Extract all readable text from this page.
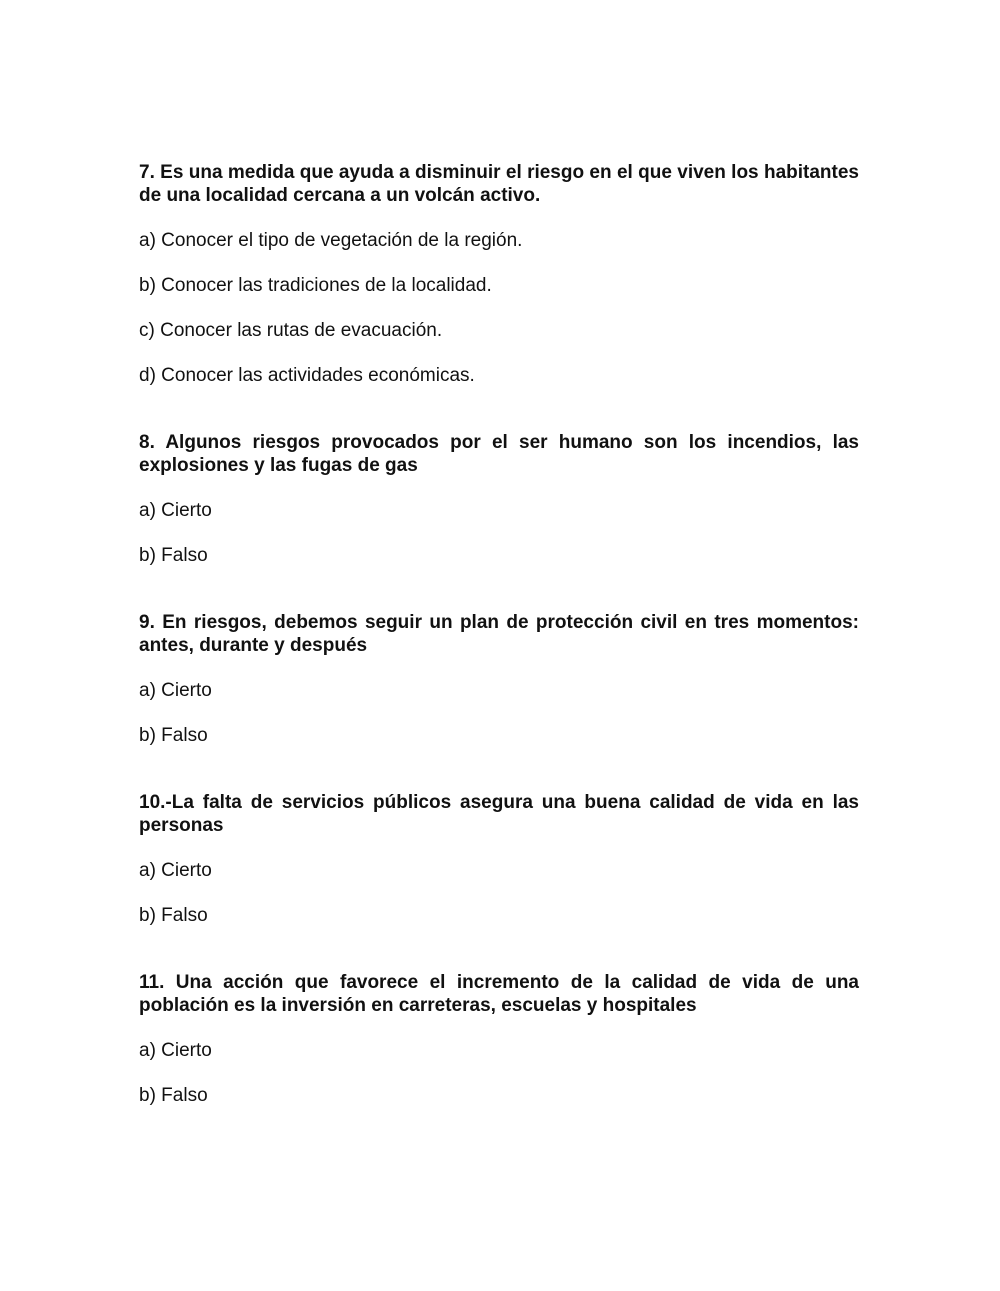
7. Es una medida que ayuda a disminuir el riesgo en el que viven los habitantes de una localidad cercana a un volcán activo.

a) Conocer el tipo de vegetación de la región.

b) Conocer las tradiciones de la localidad.

c) Conocer las rutas de evacuación.

d) Conocer las actividades económicas.

8. Algunos riesgos provocados por el ser humano son los incendios, las explosiones y las fugas de gas

a) Cierto

b) Falso

9. En riesgos, debemos seguir un plan de protección civil en tres momentos: antes, durante y después

a) Cierto

b) Falso

10.-La falta de servicios públicos asegura una buena calidad de vida en las personas

a) Cierto

b) Falso

11. Una acción que favorece el incremento de la calidad de vida de una población es la inversión en carreteras, escuelas y hospitales

a) Cierto

b) Falso
